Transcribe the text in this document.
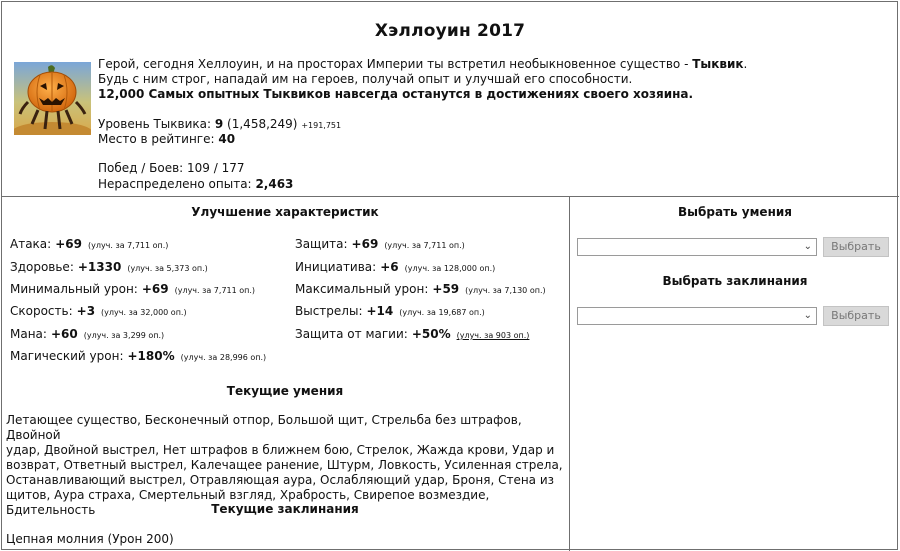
Хэллоуин 2017
Герой, сегодня Хеллоуин, и на просторах Империи ты встретил необыкновенное существо - Тыквик.
Будь с ним строг, нападай им на героев, получай опыт и улучшай его способности.
12,000 Самых опытных Тыквиков навсегда останутся в достижениях своего хозяина.
Уровень Тыквика: 9 (1,458,249) +191,751
Место в рейтинге: 40
Побед / Боев: 109 / 177
Нераспределено опыта: 2,463
Улучшение характеристик
Атака: +69 (улуч. за 7,711 оп.)	Защита: +69 (улуч. за 7,711 оп.)
Здоровье: +1330 (улуч. за 5,373 оп.)	Инициатива: +6 (улуч. за 128,000 оп.)
Минимальный урон: +69 (улуч. за 7,711 оп.)	Максимальный урон: +59 (улуч. за 7,130 оп.)
Скорость: +3 (улуч. за 32,000 оп.)	Выстрелы: +14 (улуч. за 19,687 оп.)
Мана: +60 (улуч. за 3,299 оп.)	Защита от магии: +50% (улуч. за 903 оп.)
Магический урон: +180% (улуч. за 28,996 оп.)
Текущие умения
Летающее существо, Бесконечный отпор, Большой щит, Стрельба без штрафов, Двойной
удар, Двойной выстрел, Нет штрафов в ближнем бою, Стрелок, Жажда крови, Удар и
возврат, Ответный выстрел, Калечащее ранение, Штурм, Ловкость, Усиленная стрела,
Останавливающий выстрел, Отравляющая аура, Ослабляющий удар, Броня, Стена из
щитов, Аура страха, Смертельный взгляд, Храбрость, Свирепое возмездие, Бдительность	Текущие заклинания
Цепная молния (Урон 200)
Выбрать умения
⌄	Выбрать
Выбрать заклинания
⌄	Выбрать
